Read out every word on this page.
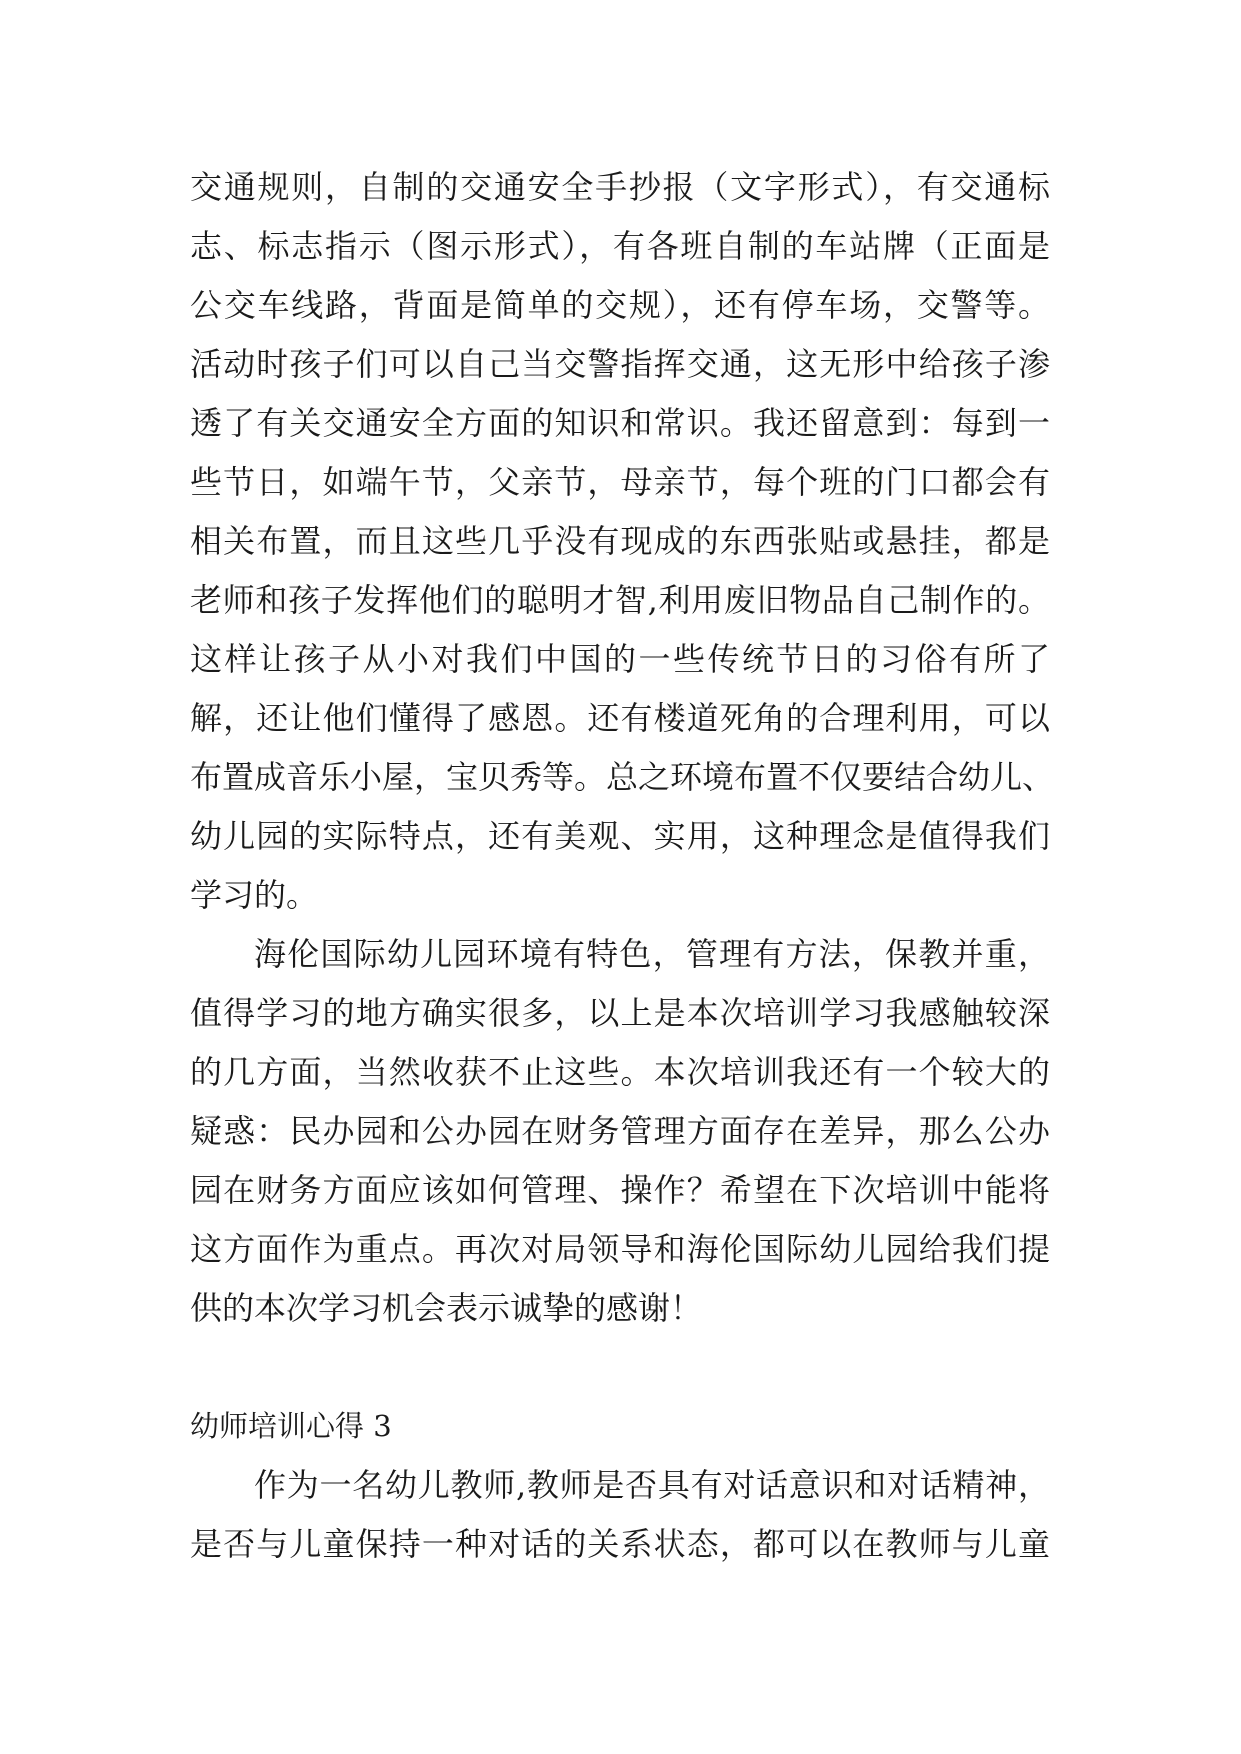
交通规则，自制的交通安全手抄报（文字形式），有交通标
志、标志指示（图示形式），有各班自制的车站牌（正面是
公交车线路，背面是简单的交规），还有停车场，交警等。
活动时孩子们可以自己当交警指挥交通，这无形中给孩子渗
透了有关交通安全方面的知识和常识。我还留意到：每到一
些节日，如端午节，父亲节，母亲节，每个班的门口都会有
相关布置，而且这些几乎没有现成的东西张贴或悬挂，都是
老师和孩子发挥他们的聪明才智,利用废旧物品自己制作的。
这样让孩子从小对我们中国的一些传统节日的习俗有所了
解，还让他们懂得了感恩。还有楼道死角的合理利用，可以
布置成音乐小屋，宝贝秀等。总之环境布置不仅要结合幼儿、
幼儿园的实际特点，还有美观、实用，这种理念是值得我们
学习的。
海伦国际幼儿园环境有特色，管理有方法，保教并重，
值得学习的地方确实很多，以上是本次培训学习我感触较深
的几方面，当然收获不止这些。本次培训我还有一个较大的
疑惑：民办园和公办园在财务管理方面存在差异，那么公办
园在财务方面应该如何管理、操作？希望在下次培训中能将
这方面作为重点。再次对局领导和海伦国际幼儿园给我们提
供的本次学习机会表示诚挚的感谢！
幼师培训心得 3
作为一名幼儿教师,教师是否具有对话意识和对话精神，
是否与儿童保持一种对话的关系状态，都可以在教师与儿童
